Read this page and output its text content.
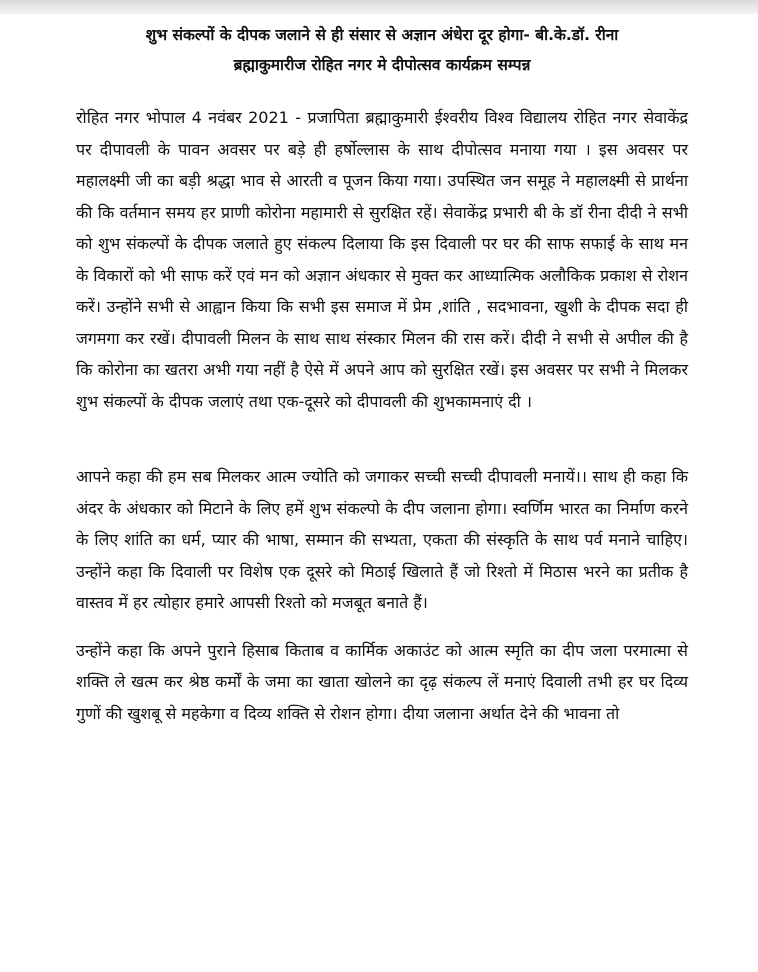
शुभ संकल्पों के दीपक जलाने से ही संसार से अज्ञान अंधेरा दूर होगा- बी.के.डॉ. रीना
ब्रह्माकुमारीज रोहित नगर मे दीपोत्सव कार्यक्रम सम्पन्न

रोहित नगर भोपाल 4 नवंबर 2021 - प्रजापिता ब्रह्माकुमारी ईश्वरीय विश्व विद्यालय रोहित नगर सेवाकेंद्र पर दीपावली के पावन अवसर पर बड़े ही हर्षोल्लास के साथ दीपोत्सव मनाया गया । इस अवसर पर महालक्ष्मी जी का बड़ी श्रद्धा भाव से आरती व पूजन किया गया। उपस्थित जन समूह ने महालक्ष्मी से प्रार्थना की कि वर्तमान समय हर प्राणी कोरोना महामारी से सुरक्षित रहें। सेवाकेंद्र प्रभारी बी के डॉ रीना दीदी ने सभी को शुभ संकल्पों के दीपक जलाते हुए संकल्प दिलाया कि इस दिवाली पर घर की साफ सफाई के साथ मन के विकारों को भी साफ करें एवं मन को अज्ञान अंधकार से मुक्त कर आध्यात्मिक अलौकिक प्रकाश से रोशन करें। उन्होंने सभी से आह्वान किया कि सभी इस समाज में प्रेम ,शांति , सदभावना, खुशी के दीपक सदा ही जगमगा कर रखें। दीपावली मिलन के साथ साथ संस्कार मिलन की रास करें। दीदी ने सभी से अपील की है कि कोरोना का खतरा अभी गया नहीं है ऐसे में अपने आप को सुरक्षित रखें। इस अवसर पर सभी ने मिलकर शुभ संकल्पों के दीपक जलाएं तथा एक-दूसरे को दीपावली की शुभकामनाएं दी ।

आपने कहा की हम सब मिलकर आत्म ज्योति को जगाकर सच्ची सच्ची दीपावली मनायें।। साथ ही कहा कि अंदर के अंधकार को मिटाने के लिए हमें शुभ संकल्पो के दीप जलाना होगा। स्वर्णिम भारत का निर्माण करने के लिए शांति का धर्म, प्यार की भाषा, सम्मान की सभ्यता, एकता की संस्कृति के साथ पर्व मनाने चाहिए। उन्होंने कहा कि दिवाली पर विशेष एक दूसरे को मिठाई खिलाते हैं जो रिश्तो में मिठास भरने का प्रतीक है वास्तव में हर त्योहार हमारे आपसी रिश्तो को मजबूत बनाते हैं।

उन्होंने कहा कि अपने पुराने हिसाब किताब व कार्मिक अकाउंट को आत्म स्मृति का दीप जला परमात्मा से शक्ति ले खत्म कर श्रेष्ठ कर्मों के जमा का खाता खोलने का दृढ़ संकल्प लें मनाएं दिवाली तभी हर घर दिव्य गुणों की खुशबू से महकेगा व दिव्य शक्ति से रोशन होगा। दीया जलाना अर्थात देने की भावना तो
